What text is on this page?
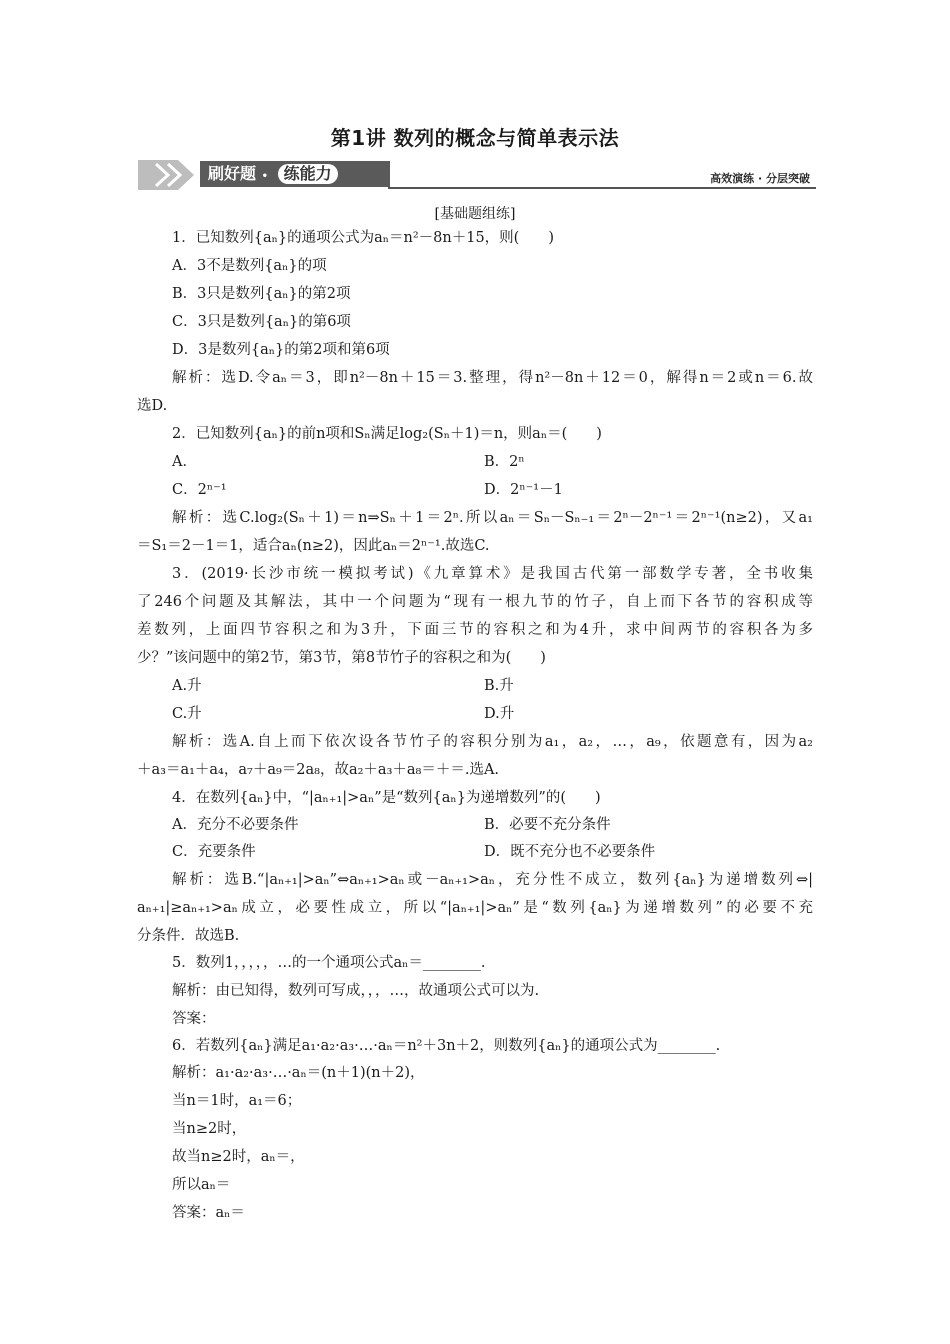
第1讲 数列的概念与简单表示法
刷好题 • 练能力	高效演练 · 分层突破
[基础题组练]
1．已知数列{aₙ}的通项公式为aₙ＝n²－8n＋15，则(　　)
A．3不是数列{aₙ}的项
B．3只是数列{aₙ}的第2项
C．3只是数列{aₙ}的第6项
D．3是数列{aₙ}的第2项和第6项
解析：选D.令aₙ＝3，即n²－8n＋15＝3.整理，得n²－8n＋12＝0，解得n＝2或n＝6.故
选D.
2．已知数列{aₙ}的前n项和Sₙ满足log₂(Sₙ＋1)＝n，则aₙ＝(　　)
A．	B．2ⁿ
C．2ⁿ⁻¹	D．2ⁿ⁻¹－1
解析：选C.log₂(Sₙ＋1)＝n⇒Sₙ＋1＝2ⁿ.所以aₙ＝Sₙ－Sₙ₋₁＝2ⁿ－2ⁿ⁻¹＝2ⁿ⁻¹(n≥2)，又a₁
＝S₁＝2－1＝1，适合aₙ(n≥2)，因此aₙ＝2ⁿ⁻¹.故选C.
3．(2019·长沙市统一模拟考试)《九章算术》是我国古代第一部数学专著，全书收集
了246个问题及其解法，其中一个问题为“现有一根九节的竹子，自上而下各节的容积成等
差数列，上面四节容积之和为3升，下面三节的容积之和为4升，求中间两节的容积各为多
少？”该问题中的第2节，第3节，第8节竹子的容积之和为(　　)
A.升	B.升
C.升	D.升
解析：选A.自上而下依次设各节竹子的容积分别为a₁，a₂，…，a₉，依题意有，因为a₂
＋a₃＝a₁＋a₄，a₇＋a₉＝2a₈，故a₂＋a₃＋a₈＝＋＝.选A.
4．在数列{aₙ}中，“|aₙ₊₁|>aₙ”是“数列{aₙ}为递增数列”的(　　)
A．充分不必要条件	B．必要不充分条件
C．充要条件	D．既不充分也不必要条件
解析：选B.“|aₙ₊₁|>aₙ”⇔aₙ₊₁>aₙ或－aₙ₊₁>aₙ，充分性不成立，数列{aₙ}为递增数列⇔|
aₙ₊₁|≥aₙ₊₁>aₙ成立，必要性成立，所以“|aₙ₊₁|>aₙ”是“数列{aₙ}为递增数列”的必要不充
分条件．故选B.
5．数列1，，，，，…的一个通项公式aₙ＝________.
解析：由已知得，数列可写成，，，…，故通项公式可以为.
答案：
6．若数列{aₙ}满足a₁·a₂·a₃·…·aₙ＝n²＋3n＋2，则数列{aₙ}的通项公式为________.
解析：a₁·a₂·a₃·…·aₙ＝(n＋1)(n＋2)，
当n＝1时，a₁＝6；
当n≥2时，
故当n≥2时，aₙ＝，
所以aₙ＝
答案：aₙ＝
